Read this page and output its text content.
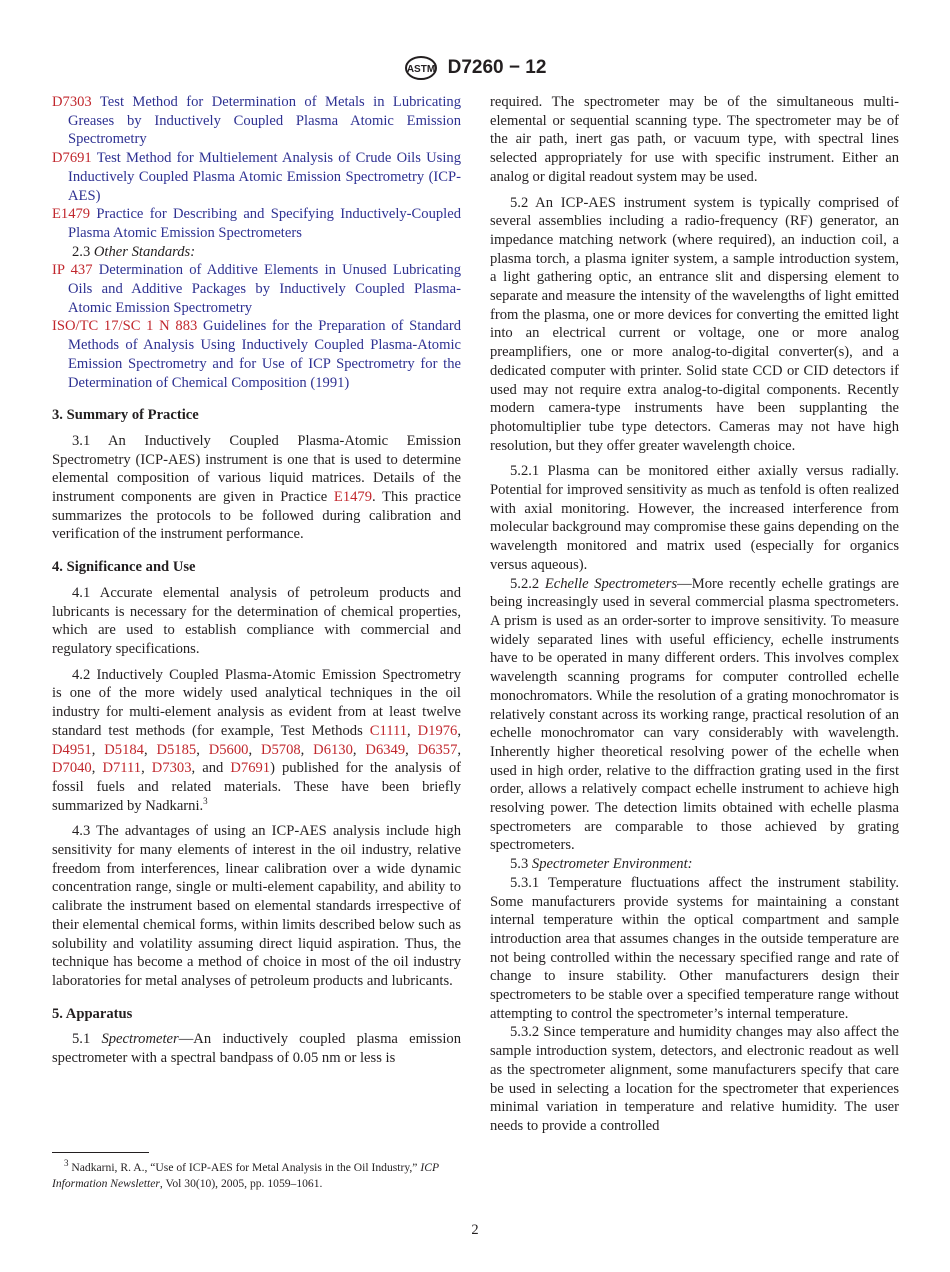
ASTM D7260 − 12

D7303 Test Method for Determination of Metals in Lubricating Greases by Inductively Coupled Plasma Atomic Emission Spectrometry

D7691 Test Method for Multielement Analysis of Crude Oils Using Inductively Coupled Plasma Atomic Emission Spectrometry (ICP-AES)

E1479 Practice for Describing and Specifying Inductively-Coupled Plasma Atomic Emission Spectrometers

2.3 Other Standards:

IP 437 Determination of Additive Elements in Unused Lubricating Oils and Additive Packages by Inductively Coupled Plasma-Atomic Emission Spectrometry

ISO/TC 17/SC 1 N 883 Guidelines for the Preparation of Standard Methods of Analysis Using Inductively Coupled Plasma-Atomic Emission Spectrometry and for Use of ICP Spectrometry for the Determination of Chemical Composition (1991)

3. Summary of Practice

3.1 An Inductively Coupled Plasma-Atomic Emission Spectrometry (ICP-AES) instrument is one that is used to determine elemental composition of various liquid matrices. Details of the instrument components are given in Practice E1479. This practice summarizes the protocols to be followed during calibration and verification of the instrument performance.

4. Significance and Use

4.1 Accurate elemental analysis of petroleum products and lubricants is necessary for the determination of chemical properties, which are used to establish compliance with commercial and regulatory specifications.

4.2 Inductively Coupled Plasma-Atomic Emission Spectrometry is one of the more widely used analytical techniques in the oil industry for multi-element analysis as evident from at least twelve standard test methods (for example, Test Methods C1111, D1976, D4951, D5184, D5185, D5600, D5708, D6130, D6349, D6357, D7040, D7111, D7303, and D7691) published for the analysis of fossil fuels and related materials. These have been briefly summarized by Nadkarni.$^3$

4.3 The advantages of using an ICP-AES analysis include high sensitivity for many elements of interest in the oil industry, relative freedom from interferences, linear calibration over a wide dynamic concentration range, single or multi-element capability, and ability to calibrate the instrument based on elemental standards irrespective of their elemental chemical forms, within limits described below such as solubility and volatility assuming direct liquid aspiration. Thus, the technique has become a method of choice in most of the oil industry laboratories for metal analyses of petroleum products and lubricants.

5. Apparatus

5.1 Spectrometer—An inductively coupled plasma emission spectrometer with a spectral bandpass of 0.05 nm or less is

required. The spectrometer may be of the simultaneous multi-elemental or sequential scanning type. The spectrometer may be of the air path, inert gas path, or vacuum type, with spectral lines selected appropriately for use with specific instrument. Either an analog or digital readout system may be used.

5.2 An ICP-AES instrument system is typically comprised of several assemblies including a radio-frequency (RF) generator, an impedance matching network (where required), an induction coil, a plasma torch, a plasma igniter system, a sample introduction system, a light gathering optic, an entrance slit and dispersing element to separate and measure the intensity of the wavelengths of light emitted from the plasma, one or more devices for converting the emitted light into an electrical current or voltage, one or more analog preamplifiers, one or more analog-to-digital converter(s), and a dedicated computer with printer. Solid state CCD or CID detectors if used may not require extra analog-to-digital components. Recently modern camera-type instruments have been supplanting the photomultiplier tube type detectors. Cameras may not have high resolution, but they offer greater wavelength choice.

5.2.1 Plasma can be monitored either axially versus radially. Potential for improved sensitivity as much as tenfold is often realized with axial monitoring. However, the increased interference from molecular background may compromise these gains depending on the wavelength monitored and matrix used (especially for organics versus aqueous).

5.2.2 Echelle Spectrometers—More recently echelle gratings are being increasingly used in several commercial plasma spectrometers. A prism is used as an order-sorter to improve sensitivity. To measure widely separated lines with useful efficiency, echelle instruments have to be operated in many different orders. This involves complex wavelength scanning programs for computer controlled echelle monochromators. While the resolution of a grating monochromator is relatively constant across its working range, practical resolution of an echelle monochromator can vary considerably with wavelength. Inherently higher theoretical resolving power of the echelle when used in high order, relative to the diffraction grating used in the first order, allows a relatively compact echelle instrument to achieve high resolving power. The detection limits obtained with echelle plasma spectrometers are comparable to those achieved by grating spectrometers.

5.3 Spectrometer Environment:

5.3.1 Temperature fluctuations affect the instrument stability. Some manufacturers provide systems for maintaining a constant internal temperature within the optical compartment and sample introduction area that assumes changes in the outside temperature are not being controlled within the necessary specified range and rate of change to insure stability. Other manufacturers design their spectrometers to be stable over a specified temperature range without attempting to control the spectrometer’s internal temperature.

5.3.2 Since temperature and humidity changes may also affect the sample introduction system, detectors, and electronic readout as well as the spectrometer alignment, some manufacturers specify that care be used in selecting a location for the spectrometer that experiences minimal variation in temperature and relative humidity. The user needs to provide a controlled

$^3$ Nadkarni, R. A., “Use of ICP-AES for Metal Analysis in the Oil Industry,” ICP Information Newsletter, Vol 30(10), 2005, pp. 1059–1061.
2
